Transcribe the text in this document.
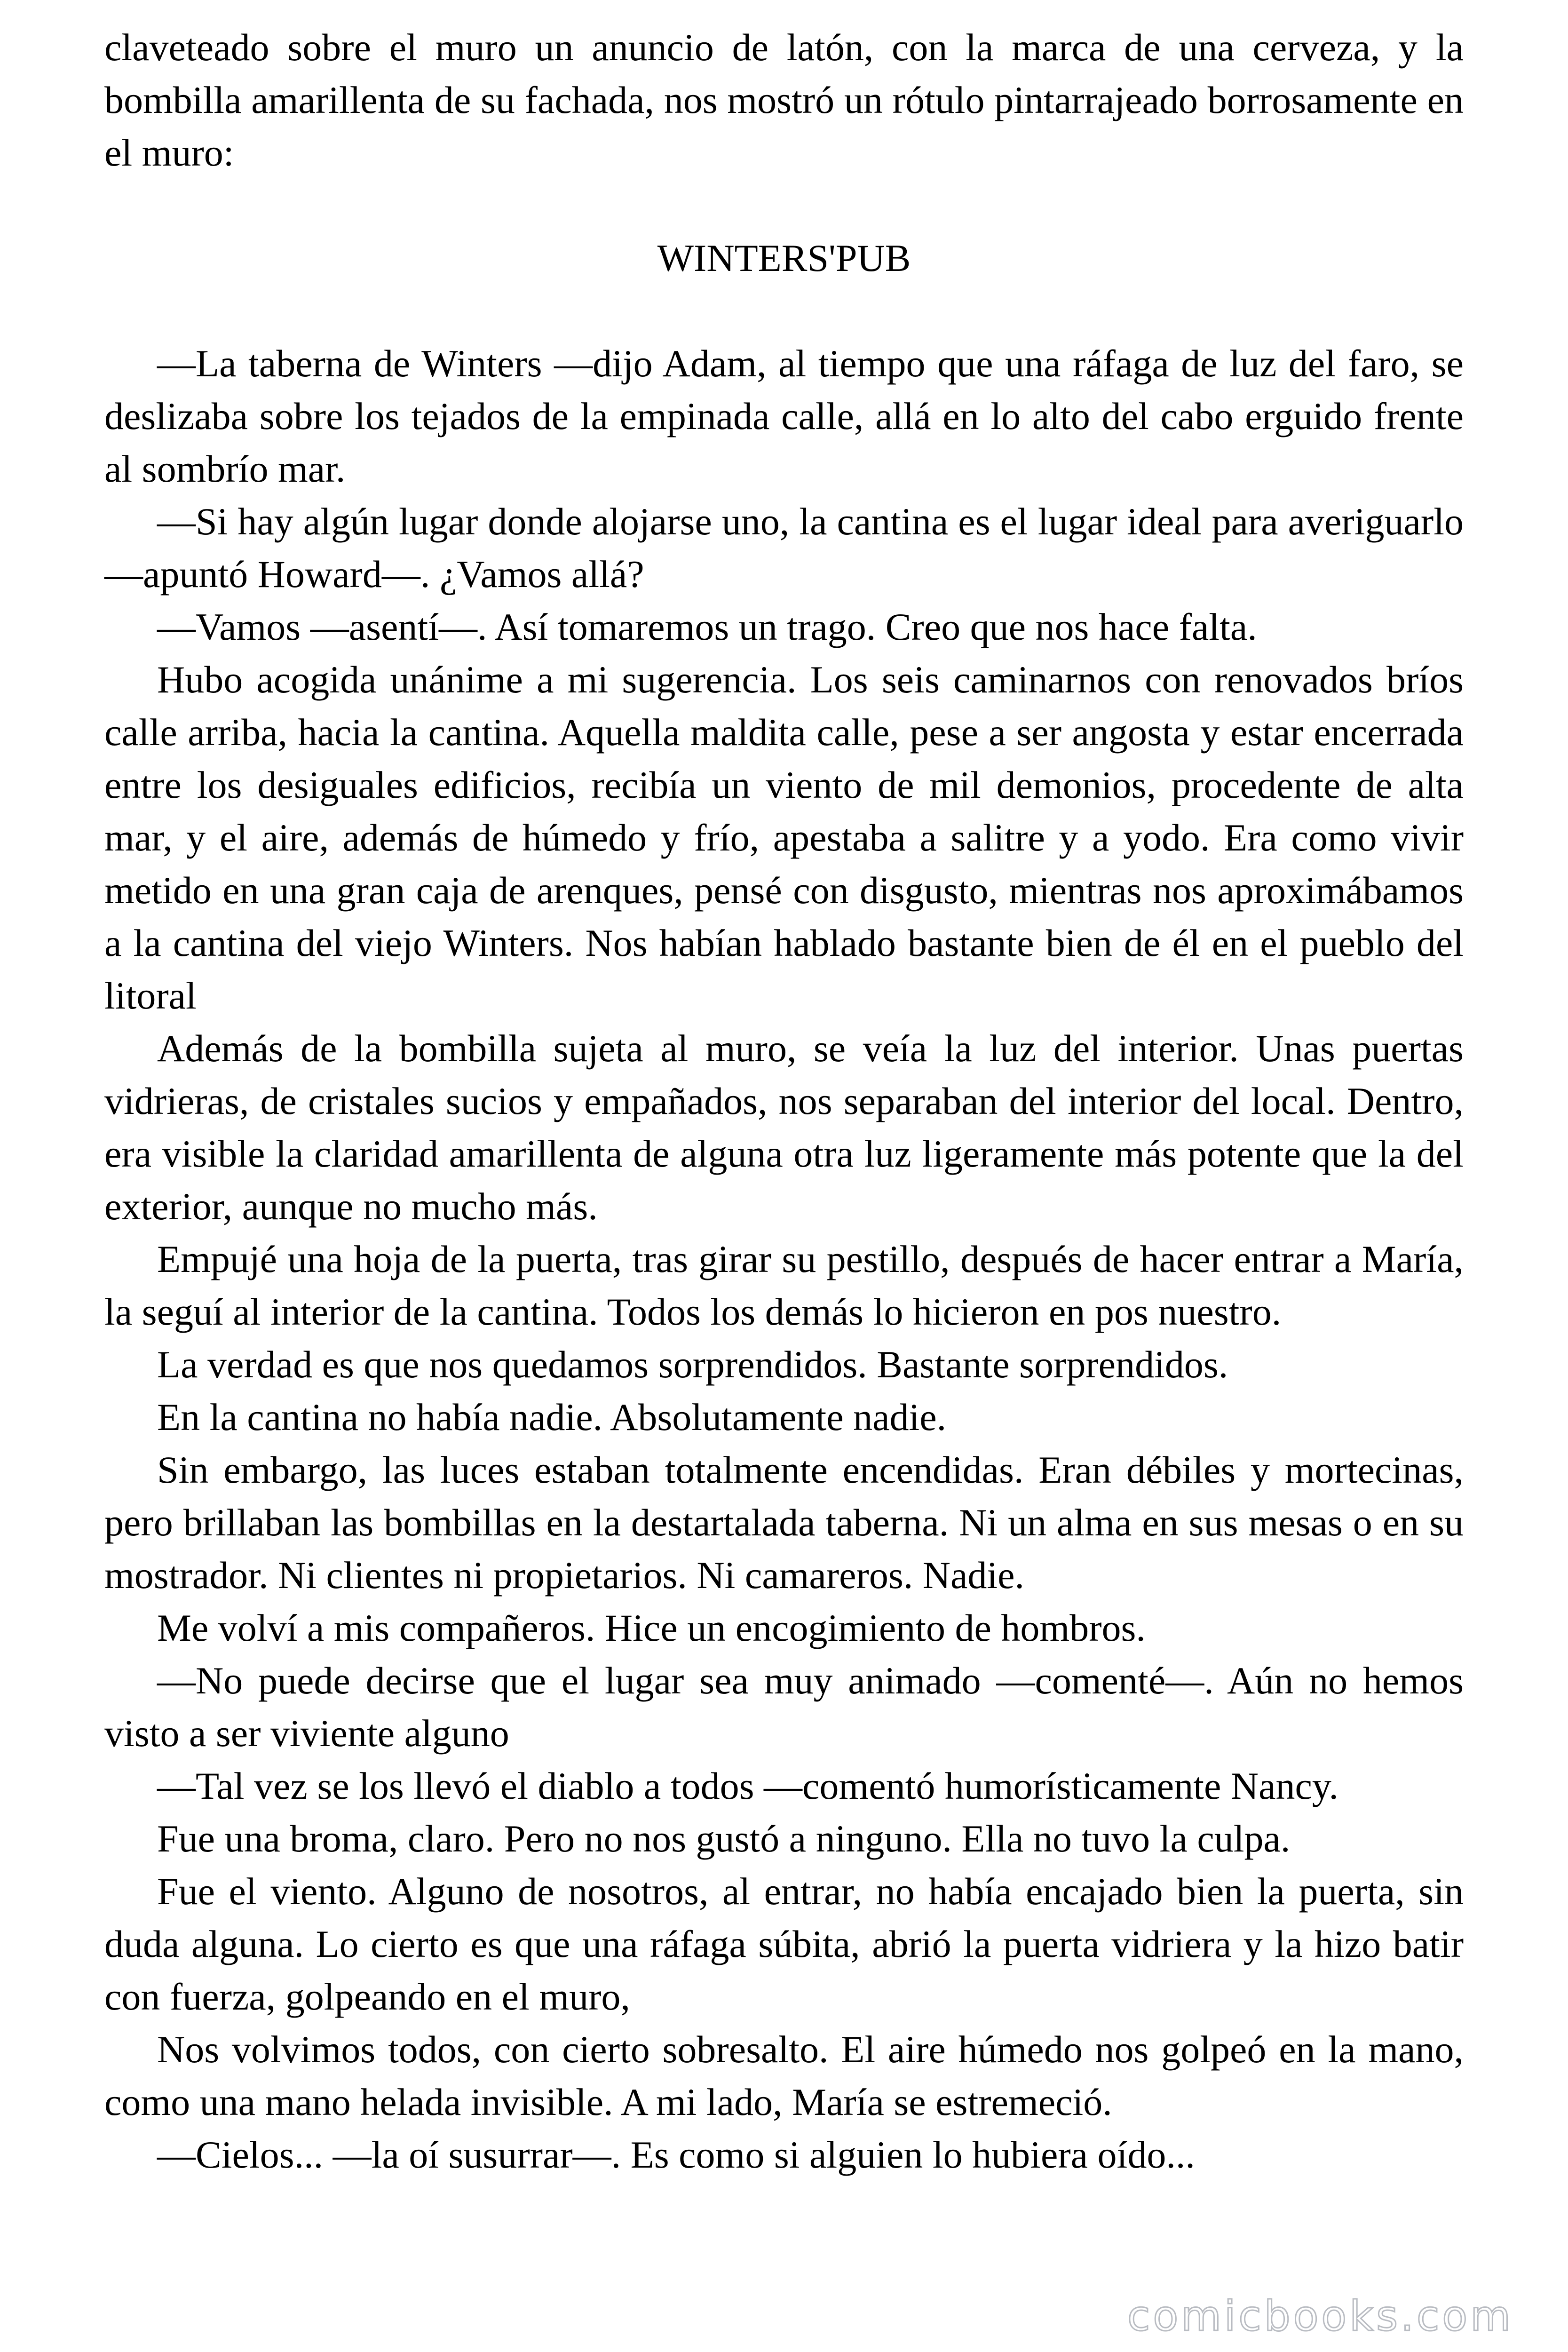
claveteado sobre el muro un anuncio de latón, con la marca de una cerveza, y la bombilla amarillenta de su fachada, nos mostró un rótulo pintarrajeado borrosamente en el muro:

WINTERS'PUB

—La taberna de Winters —dijo Adam, al tiempo que una ráfaga de luz del faro, se deslizaba sobre los tejados de la empinada calle, allá en lo alto del cabo erguido frente al sombrío mar.

—Si hay algún lugar donde alojarse uno, la cantina es el lugar ideal para averiguarlo —apuntó Howard—. ¿Vamos allá?

—Vamos —asentí—. Así tomaremos un trago. Creo que nos hace falta.

Hubo acogida unánime a mi sugerencia. Los seis caminarnos con renovados bríos calle arriba, hacia la cantina. Aquella maldita calle, pese a ser angosta y estar encerrada entre los desiguales edificios, recibía un viento de mil demonios, procedente de alta mar, y el aire, además de húmedo y frío, apestaba a salitre y a yodo. Era como vivir metido en una gran caja de arenques, pensé con disgusto, mientras nos aproximábamos a la cantina del viejo Winters. Nos habían hablado bastante bien de él en el pueblo del litoral

Además de la bombilla sujeta al muro, se veía la luz del interior. Unas puertas vidrieras, de cristales sucios y empañados, nos separaban del interior del local. Dentro, era visible la claridad amarillenta de alguna otra luz ligeramente más potente que la del exterior, aunque no mucho más.

Empujé una hoja de la puerta, tras girar su pestillo, después de hacer entrar a María, la seguí al interior de la cantina. Todos los demás lo hicieron en pos nuestro.

La verdad es que nos quedamos sorprendidos. Bastante sorprendidos.

En la cantina no había nadie. Absolutamente nadie.

Sin embargo, las luces estaban totalmente encendidas. Eran débiles y mortecinas, pero brillaban las bombillas en la destartalada taberna. Ni un alma en sus mesas o en su mostrador. Ni clientes ni propietarios. Ni camareros. Nadie.

Me volví a mis compañeros. Hice un encogimiento de hombros.

—No puede decirse que el lugar sea muy animado —comenté—. Aún no hemos visto a ser viviente alguno

—Tal vez se los llevó el diablo a todos —comentó humorísticamente Nancy.

Fue una broma, claro. Pero no nos gustó a ninguno. Ella no tuvo la culpa.

Fue el viento. Alguno de nosotros, al entrar, no había encajado bien la puerta, sin duda alguna. Lo cierto es que una ráfaga súbita, abrió la puerta vidriera y la hizo batir con fuerza, golpeando en el muro,

Nos volvimos todos, con cierto sobresalto. El aire húmedo nos golpeó en la mano, como una mano helada invisible. A mi lado, María se estremeció.

—Cielos... —la oí susurrar—. Es como si alguien lo hubiera oído...

comicbooks.com
